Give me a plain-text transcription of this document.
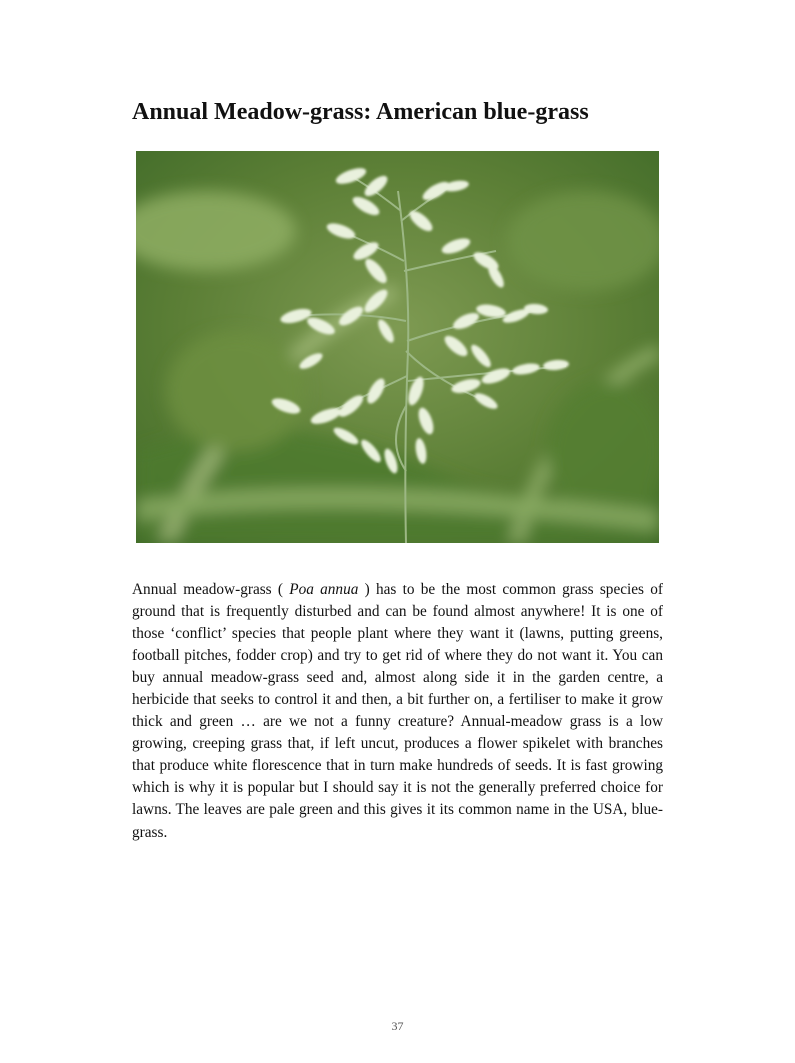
Annual Meadow-grass: American blue-grass

Annual meadow-grass ( Poa annua ) has to be the most common grass species of ground that is frequently disturbed and can be found almost anywhere! It is one of those ‘conflict’ species that people plant where they want it (lawns, putting greens, football pitches, fodder crop) and try to get rid of where they do not want it. You can buy annual meadow-grass seed and, almost along side it in the garden centre, a herbicide that seeks to control it and then, a bit further on, a fertiliser to make it grow thick and green … are we not a funny creature? Annual-meadow grass is a low growing, creeping grass that, if left uncut, produces a flower spikelet with branches that produce white florescence that in turn make hundreds of seeds. It is fast growing which is why it is popular but I should say it is not the generally preferred choice for lawns. The leaves are pale green and this gives it its common name in the USA, blue-grass.

37
